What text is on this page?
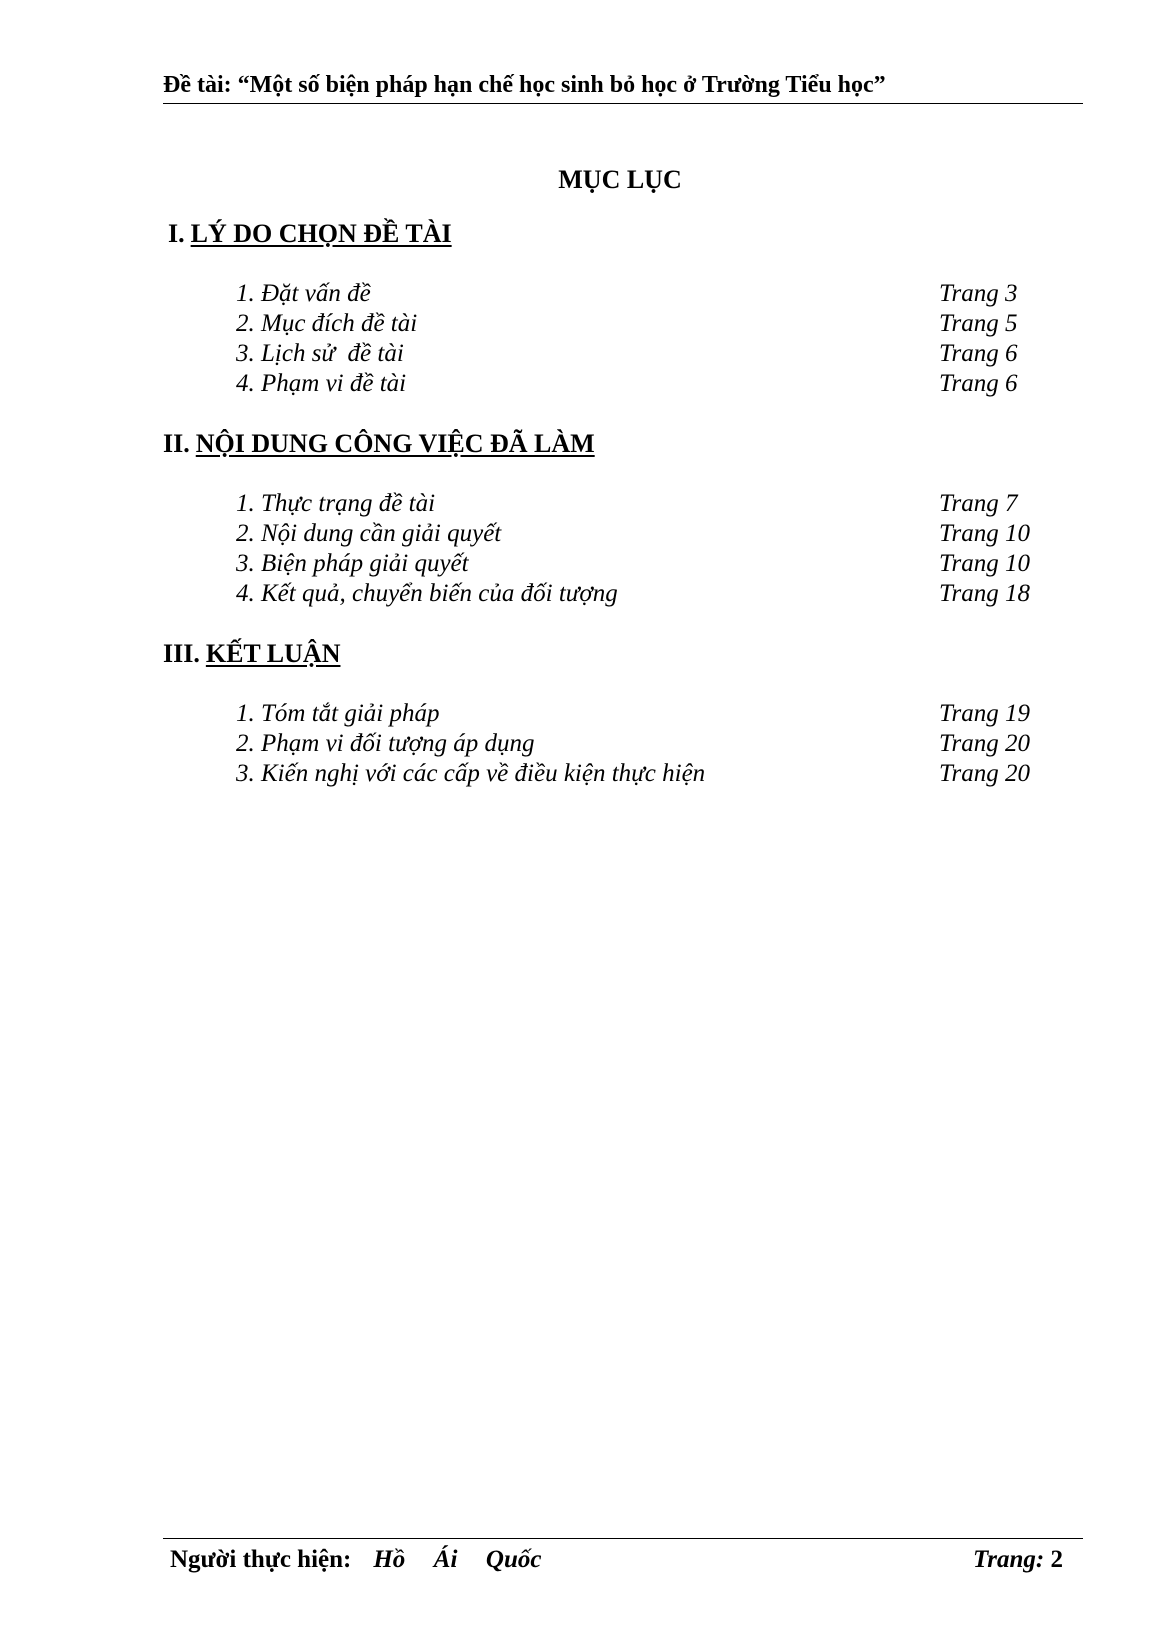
Đề tài: “Một số biện pháp hạn chế học sinh bỏ học ở Trường Tiểu học”
MỤC LỤC
I. LÝ DO CHỌN ĐỀ TÀI
1. Đặt vấn đề	Trang 3
2. Mục đích đề tài	Trang 5
3. Lịch sử  đề tài	Trang 6
4. Phạm vi đề tài	Trang 6
II. NỘI DUNG CÔNG VIỆC ĐÃ LÀM
1. Thực trạng đề tài	Trang 7
2. Nội dung cần giải quyết	Trang 10
3. Biện pháp giải quyết	Trang 10
4. Kết quả, chuyển biến của đối tượng	Trang 18
III. KẾT LUẬN
1. Tóm tắt giải pháp	Trang 19
2. Phạm vi đối tượng áp dụng	Trang 20
3. Kiến nghị với các cấp về điều kiện thực hiện	Trang 20
Người thực hiện: Hồ  Ái  Quốc	Trang: 2
